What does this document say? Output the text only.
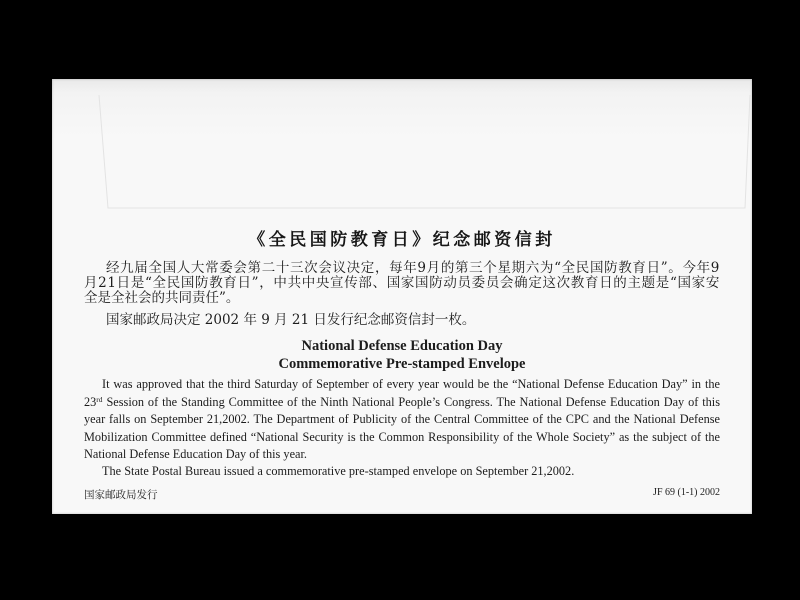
《全民国防教育日》纪念邮资信封
经九届全国人大常委会第二十三次会议决定，每年9月的第三个星期六为“全民国防教育日”。今年9
月21日是“全民国防教育日”，中共中央宣传部、国家国防动员委员会确定这次教育日的主题是“国家安
全是全社会的共同责任”。
国家邮政局决定 2002 年 9 月 21 日发行纪念邮资信封一枚。
National Defense Education Day
Commemorative Pre-stamped Envelope
It was approved that the third Saturday of September of every year would be the “National Defense Education Day” in the
23rd Session of the Standing Committee of the Ninth National People’s Congress. The National Defense Education Day of this
year falls on September 21,2002. The Department of Publicity of the Central Committee of the CPC and the National Defense
Mobilization Committee defined “National Security is the Common Responsibility of the Whole Society” as the subject of the
National Defense Education Day of this year.
The State Postal Bureau issued a commemorative pre-stamped envelope on September 21,2002.
国家邮政局发行	JF 69 (1-1) 2002
